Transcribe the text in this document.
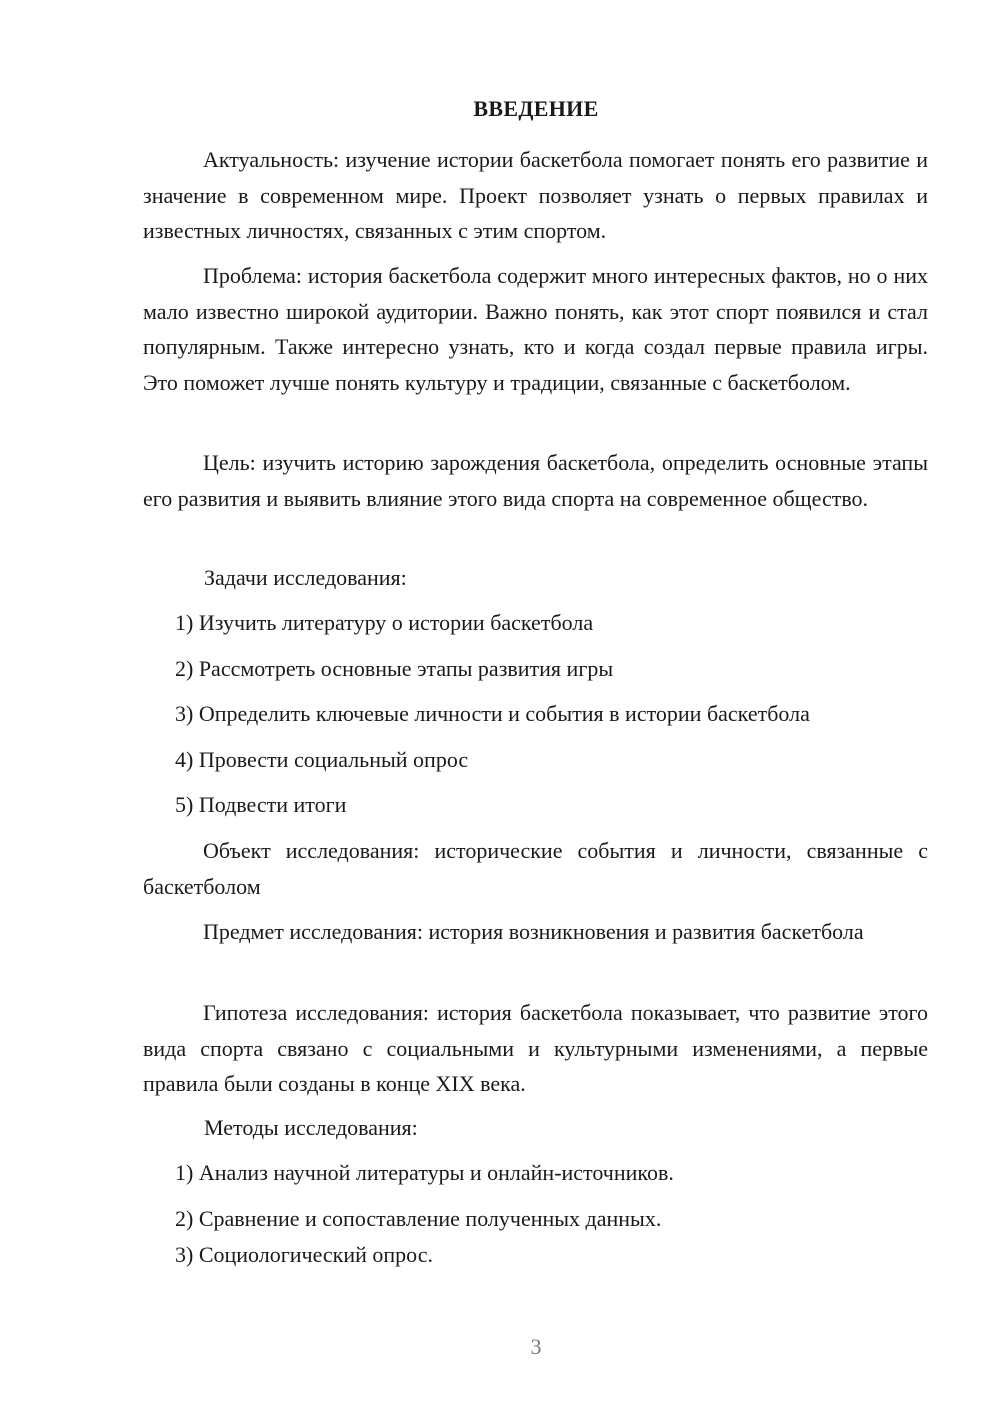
ВВЕДЕНИЕ

Актуальность: изучение истории баскетбола помогает понять его развитие и значение в современном мире. Проект позволяет узнать о первых правилах и известных личностях, связанных с этим спортом.

Проблема: история баскетбола содержит много интересных фактов, но о них мало известно широкой аудитории. Важно понять, как этот спорт появился и стал популярным. Также интересно узнать, кто и когда создал первые правила игры. Это поможет лучше понять культуру и традиции, связанные с баскетболом.

Цель: изучить историю зарождения баскетбола, определить основные этапы его развития и выявить влияние этого вида спорта на современное общество.

Задачи исследования:
1) Изучить литературу о истории баскетбола
2) Рассмотреть основные этапы развития игры
3) Определить ключевые личности и события в истории баскетбола
4) Провести социальный опрос
5) Подвести итоги

Объект исследования: исторические события и личности, связанные с баскетболом

Предмет исследования: история возникновения и развития баскетбола

Гипотеза исследования: история баскетбола показывает, что развитие этого вида спорта связано с социальными и культурными изменениями, а первые правила были созданы в конце XIX века.

Методы исследования:
1) Анализ научной литературы и онлайн-источников.
2) Сравнение и сопоставление полученных данных.
3) Социологический опрос.
3
